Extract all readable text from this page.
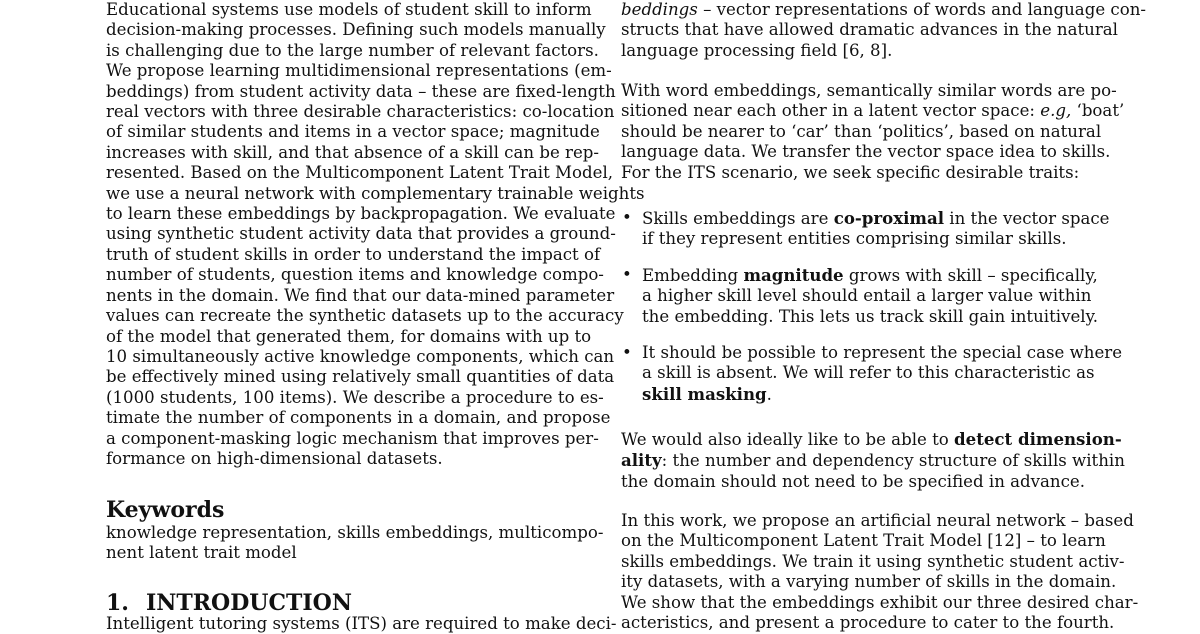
Educational systems use models of student skill to inform
decision-making processes. Defining such models manually
is challenging due to the large number of relevant factors.
We propose learning multidimensional representations (em-
beddings) from student activity data – these are fixed-length
real vectors with three desirable characteristics: co-location
of similar students and items in a vector space; magnitude
increases with skill, and that absence of a skill can be rep-
resented. Based on the Multicomponent Latent Trait Model,
we use a neural network with complementary trainable weights
to learn these embeddings by backpropagation. We evaluate
using synthetic student activity data that provides a ground-
truth of student skills in order to understand the impact of
number of students, question items and knowledge compo-
nents in the domain. We find that our data-mined parameter
values can recreate the synthetic datasets up to the accuracy
of the model that generated them, for domains with up to
10 simultaneously active knowledge components, which can
be effectively mined using relatively small quantities of data
(1000 students, 100 items). We describe a procedure to es-
timate the number of components in a domain, and propose
a component-masking logic mechanism that improves per-
formance on high-dimensional datasets.
Keywords
knowledge representation, skills embeddings, multicompo-
nent latent trait model
1. INTRODUCTION
Intelligent tutoring systems (ITS) are required to make deci-
beddings – vector representations of words and language con-
structs that have allowed dramatic advances in the natural
language processing field [6, 8].
With word embeddings, semantically similar words are po-
sitioned near each other in a latent vector space: e.g, ‘boat’
should be nearer to ‘car’ than ‘politics’, based on natural
language data. We transfer the vector space idea to skills.
For the ITS scenario, we seek specific desirable traits:
• Skills embeddings are co-proximal in the vector space
if they represent entities comprising similar skills.
• Embedding magnitude grows with skill – specifically,
a higher skill level should entail a larger value within
the embedding. This lets us track skill gain intuitively.
• It should be possible to represent the special case where
a skill is absent. We will refer to this characteristic as
skill masking.
We would also ideally like to be able to detect dimension-
ality: the number and dependency structure of skills within
the domain should not need to be specified in advance.
In this work, we propose an artificial neural network – based
on the Multicomponent Latent Trait Model [12] – to learn
skills embeddings. We train it using synthetic student activ-
ity datasets, with a varying number of skills in the domain.
We show that the embeddings exhibit our three desired char-
acteristics, and present a procedure to cater to the fourth.
